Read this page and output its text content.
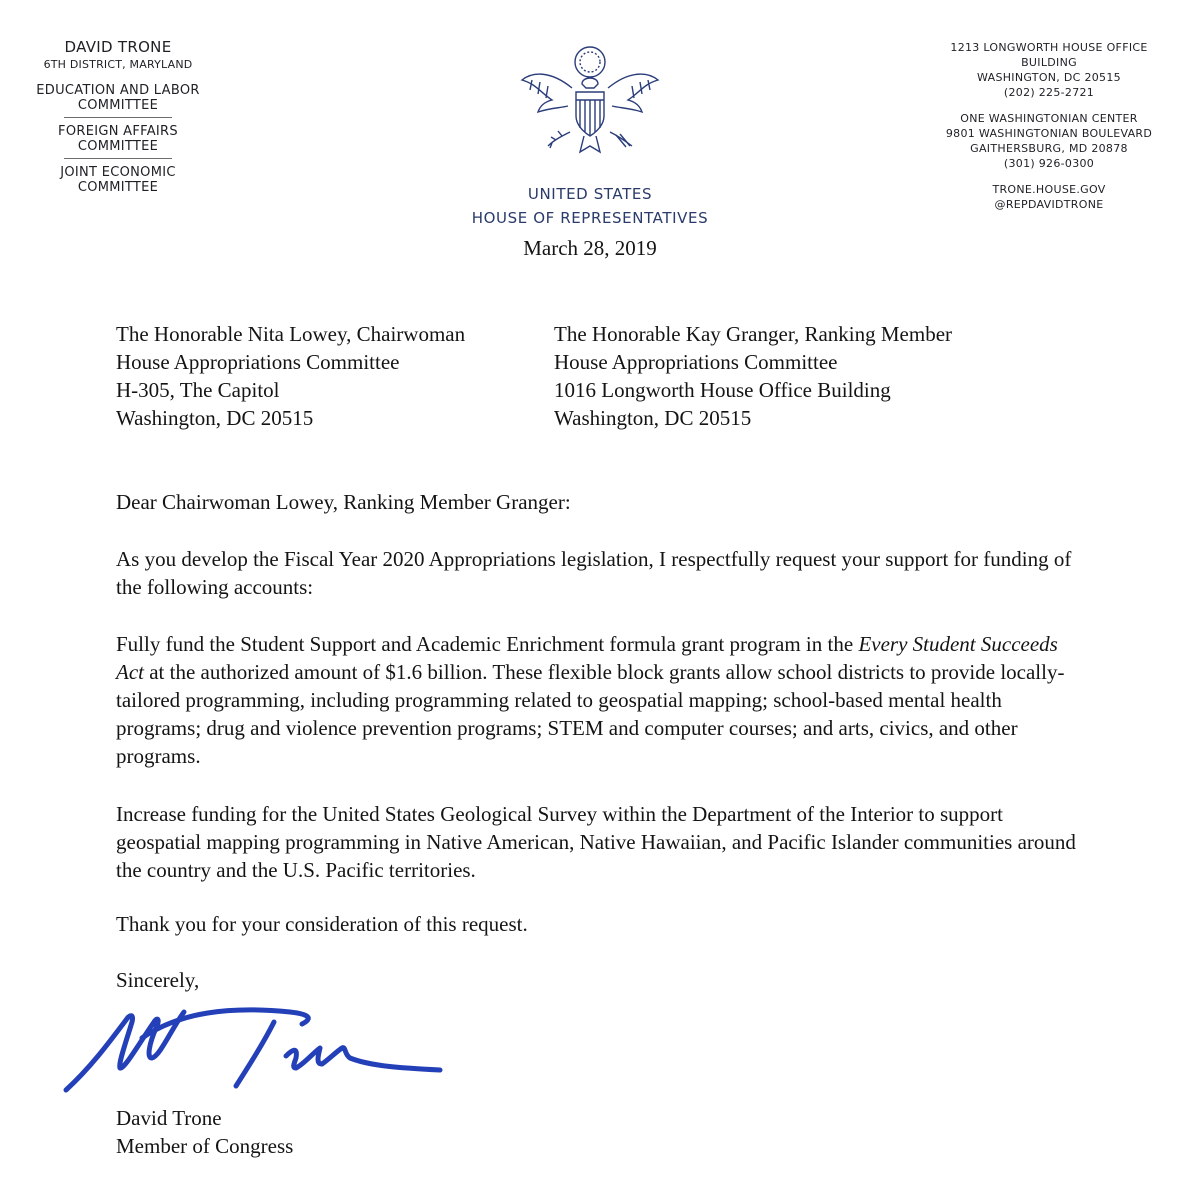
DAVID TRONE
6TH DISTRICT, MARYLAND
EDUCATION AND LABOR COMMITTEE
FOREIGN AFFAIRS COMMITTEE
JOINT ECONOMIC COMMITTEE	UNITED STATES
HOUSE OF REPRESENTATIVES
March 28, 2019
1213 LONGWORTH HOUSE OFFICE BUILDING
WASHINGTON, DC 20515
(202) 225-2721
ONE WASHINGTONIAN CENTER
9801 WASHINGTONIAN BOULEVARD
GAITHERSBURG, MD 20878
(301) 926-0300
TRONE.HOUSE.GOV
@REPDAVIDTRONE
The Honorable Nita Lowey, Chairwoman
House Appropriations Committee
H-305, The Capitol
Washington, DC 20515
The Honorable Kay Granger, Ranking Member
House Appropriations Committee
1016 Longworth House Office Building
Washington, DC 20515

Dear Chairwoman Lowey, Ranking Member Granger:

As you develop the Fiscal Year 2020 Appropriations legislation, I respectfully request your support for funding of the following accounts:

Fully fund the Student Support and Academic Enrichment formula grant program in the Every Student Succeeds Act at the authorized amount of $1.6 billion. These flexible block grants allow school districts to provide locally-tailored programming, including programming related to geospatial mapping; school-based mental health programs; drug and violence prevention programs; STEM and computer courses; and arts, civics, and other programs.

Increase funding for the United States Geological Survey within the Department of the Interior to support geospatial mapping programming in Native American, Native Hawaiian, and Pacific Islander communities around the country and the U.S. Pacific territories.

Thank you for your consideration of this request.

Sincerely,

David Trone
Member of Congress
